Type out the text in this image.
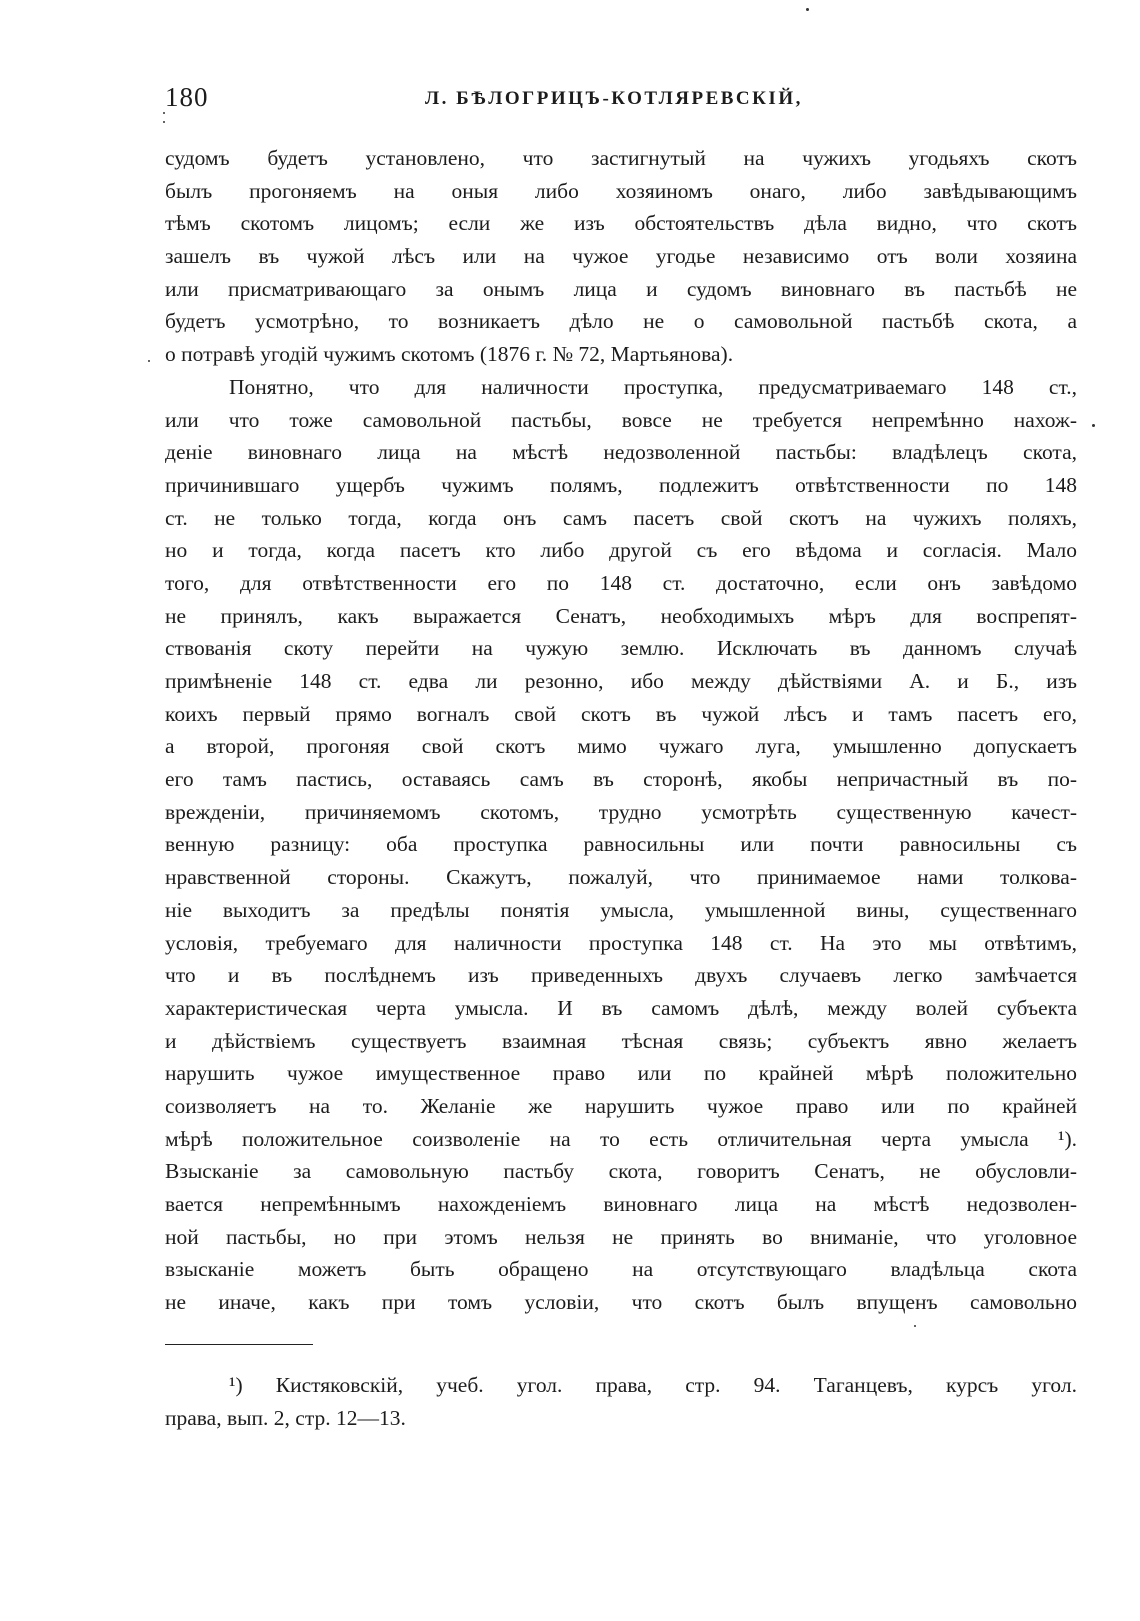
180	Л. БѢЛОГРИЦЪ-КОТЛЯРЕВСКІЙ,
судомъ будетъ установлено, что застигнутый на чужихъ угодьяхъ скотъ
былъ прогоняемъ на оныя либо хозяиномъ онаго, либо завѣдывающимъ
тѣмъ скотомъ лицомъ; если же изъ обстоятельствъ дѣла видно, что скотъ
зашелъ въ чужой лѣсъ или на чужое угодье независимо отъ воли хозяина
или присматривающаго за онымъ лица и судомъ виновнаго въ пастьбѣ не
будетъ усмотрѣно, то возникаетъ дѣло не о самовольной пастьбѣ скота, а
о потравѣ угодій чужимъ скотомъ (1876 г. № 72, Мартьянова).
Понятно, что для наличности проступка, предусматриваемаго 148 ст.,
или что тоже самовольной пастьбы, вовсе не требуется непремѣнно нахож-
деніе виновнаго лица на мѣстѣ недозволенной пастьбы: владѣлецъ скота,
причинившаго ущербъ чужимъ полямъ, подлежитъ отвѣтственности по 148
ст. не только тогда, когда онъ самъ пасетъ свой скотъ на чужихъ поляхъ,
но и тогда, когда пасетъ кто либо другой съ его вѣдома и согласія. Мало
того, для отвѣтственности его по 148 ст. достаточно, если онъ завѣдомо
не принялъ, какъ выражается Сенатъ, необходимыхъ мѣръ для воспрепят-
ствованія скоту перейти на чужую землю. Исключать въ данномъ случаѣ
примѣненіе 148 ст. едва ли резонно, ибо между дѣйствіями А. и Б., изъ
коихъ первый прямо вогналъ свой скотъ въ чужой лѣсъ и тамъ пасетъ его,
а второй, прогоняя свой скотъ мимо чужаго луга, умышленно допускаетъ
его тамъ пастись, оставаясь самъ въ сторонѣ, якобы непричастный въ по-
врежденіи, причиняемомъ скотомъ, трудно усмотрѣть существенную качест-
венную разницу: оба проступка равносильны или почти равносильны съ
нравственной стороны. Скажутъ, пожалуй, что принимаемое нами толкова-
ніе выходитъ за предѣлы понятія умысла, умышленной вины, существеннаго
условія, требуемаго для наличности проступка 148 ст. На это мы отвѣтимъ,
что и въ послѣднемъ изъ приведенныхъ двухъ случаевъ легко замѣчается
характеристическая черта умысла. И въ самомъ дѣлѣ, между волей субъекта
и дѣйствіемъ существуетъ взаимная тѣсная связь; субъектъ явно желаетъ
нарушить чужое имущественное право или по крайней мѣрѣ положительно
соизволяетъ на то. Желаніе же нарушить чужое право или по крайней
мѣрѣ положительное соизволеніе на то есть отличительная черта умысла ¹).
Взысканіе за самовольную пастьбу скота, говоритъ Сенатъ, не обусловли-
вается непремѣннымъ нахожденіемъ виновнаго лица на мѣстѣ недозволен-
ной пастьбы, но при этомъ нельзя не принять во вниманіе, что уголовное
взысканіе можетъ быть обращено на отсутствующаго владѣльца скота
не иначе, какъ при томъ условіи, что скотъ былъ впущенъ самовольно
¹) Кистяковскій, учеб. угол. права, стр. 94. Таганцевъ, курсъ угол.
права, вып. 2, стр. 12—13.
